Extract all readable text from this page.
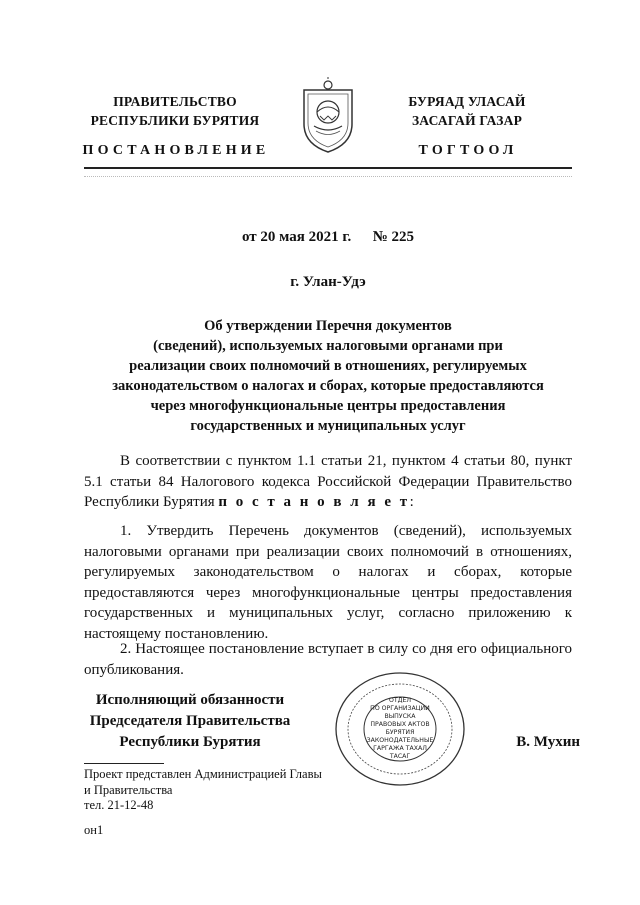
ПРАВИТЕЛЬСТВО
РЕСПУБЛИКИ БУРЯТИЯ
БУРЯАД УЛАСАЙ
ЗАСАГАЙ ГАЗАР
ПОСТАНОВЛЕНИЕ	ТОГТООЛ
от 20 мая 2021 г. № 225
г. Улан-Удэ
Об утверждении Перечня документов
(сведений), используемых налоговыми органами при
реализации своих полномочий в отношениях, регулируемых
законодательством о налогах и сборах, которые предоставляются
через многофункциональные центры предоставления
государственных и муниципальных услуг

В соответствии с пунктом 1.1 статьи 21, пунктом 4 статьи 80, пункт 5.1 статьи 84 Налогового кодекса Российской Федерации Правительство Республики Бурятия п о с т а н о в л я е т:

1. Утвердить Перечень документов (сведений), используемых налоговыми органами при реализации своих полномочий в отношениях, регулируемых законодательством о налогах и сборах, которые предоставляются через многофункциональные центры предоставления государственных и муниципальных услуг, согласно приложению к настоящему постановлению.

2. Настоящее постановление вступает в силу со дня его официального опубликования.

Исполняющий обязанности
Председателя Правительства
Республики Бурятия
ОТДЕЛ
ПО ОРГАНИЗАЦИИ
ВЫПУСКА
ПРАВОВЫХ АКТОВ
БУРЯТИЯ
ЗАКОНОДАТЕЛЬНЫЕ
ГАРГАЖА ТАХАЛ
ТАСАГ
В. Мухин
Проект представлен Администрацией Главы
и Правительства
тел. 21-12-48
он1
